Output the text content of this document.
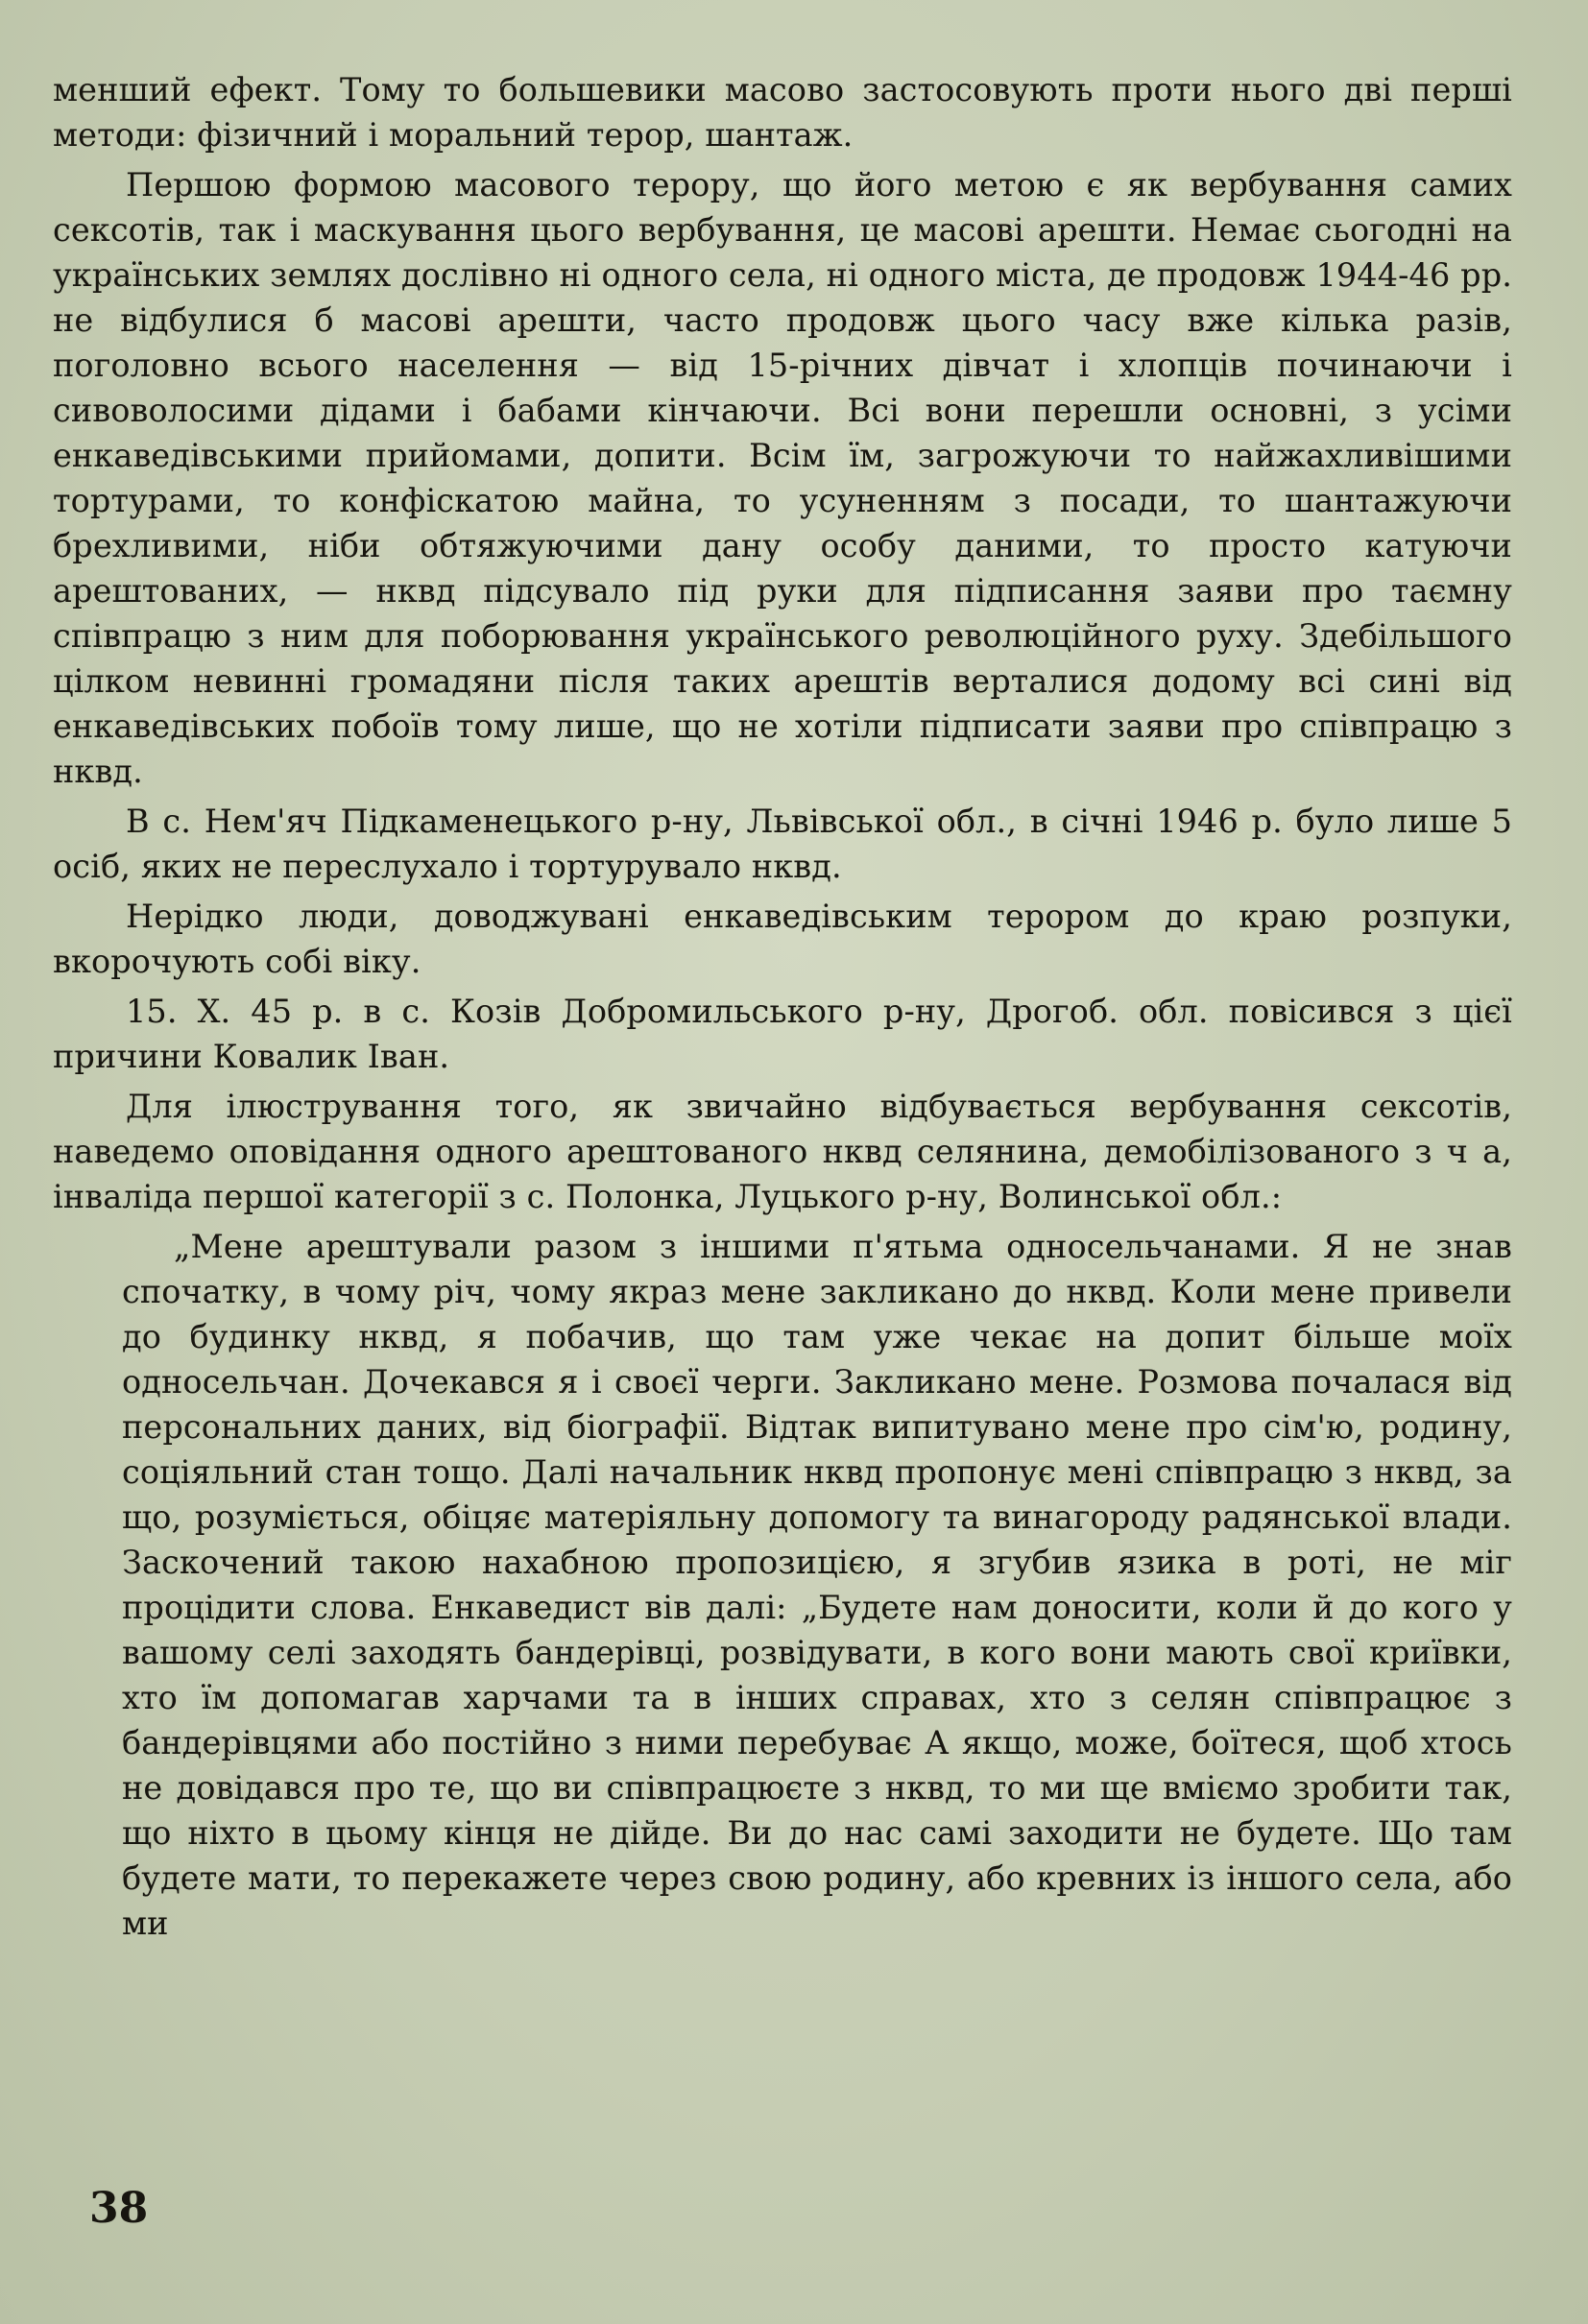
менший ефект. Тому то большевики масово застосовують проти нього дві перші методи: фізичний і моральний терор, шантаж.

Першою формою масового терору, що його метою є як вербування самих сексотів, так і маскування цього вербування, це масові арешти. Немає сьогодні на українських землях дослівно ні одного села, ні одного міста, де продовж 1944-46 рр. не відбулися б масові арешти, часто продовж цього часу вже кілька разів, поголовно всього населення — від 15-річних дівчат і хлопців починаючи і сивоволосими дідами і бабами кінчаючи. Всі вони перешли основні, з усіми енкаведівськими прийомами, допити. Всім їм, загрожуючи то найжахливішими тортурами, то конфіскатою майна, то усуненням з посади, то шантажуючи брехливими, ніби обтяжуючими дану особу даними, то просто катуючи арештованих, — нквд підсувало під руки для підписання заяви про таємну співпрацю з ним для поборювання українського революційного руху. Здебільшого цілком невинні громадяни після таких арештів верталися додому всі сині від енкаведівських побоїв тому лише, що не хотіли підписати заяви про співпрацю з нквд.

В с. Нем'яч Підкаменецького р-ну, Львівської обл., в січні 1946 р. було лише 5 осіб, яких не переслухало і тортурувало нквд.

Нерідко люди, доводжувані енкаведівським терором до краю розпуки, вкорочують собі віку.

15. X. 45 р. в с. Козів Добромильського р-ну, Дрогоб. обл. повісився з цієї причини Ковалик Іван.

Для ілюстрування того, як звичайно відбувається вербування сексотів, наведемо оповідання одного арештованого нквд селянина, демобілізованого з ч а, інваліда першої категорії з с. Полонка, Луцького р-ну, Волинської обл.:

„Мене арештували разом з іншими п'ятьма односельчанами. Я не знав спочатку, в чому річ, чому якраз мене закликано до нквд. Коли мене привели до будинку нквд, я побачив, що там уже чекає на допит більше моїх односельчан. Дочекався я і своєї черги. Закликано мене. Розмова почалася від персональних даних, від біографії. Відтак випитувано мене про сім'ю, родину, соціяльний стан тощо. Далі начальник нквд пропонує мені співпрацю з нквд, за що, розуміється, обіцяє матеріяльну допомогу та винагороду радянської влади. Заскочений такою нахабною пропозицією, я згубив язика в роті, не міг процідити слова. Енкаведист вів далі: „Будете нам доносити, коли й до кого у вашому селі заходять бандерівці, розвідувати, в кого вони мають свої криївки, хто їм допомагав харчами та в інших справах, хто з селян співпрацює з бандерівцями або постійно з ними перебуває А якщо, може, боїтеся, щоб хтось не довідався про те, що ви співпрацюєте з нквд, то ми ще вміємо зробити так, що ніхто в цьому кінця не дійде. Ви до нас самі заходити не будете. Що там будете мати, то перекажете через свою родину, або кревних із іншого села, або ми

38
